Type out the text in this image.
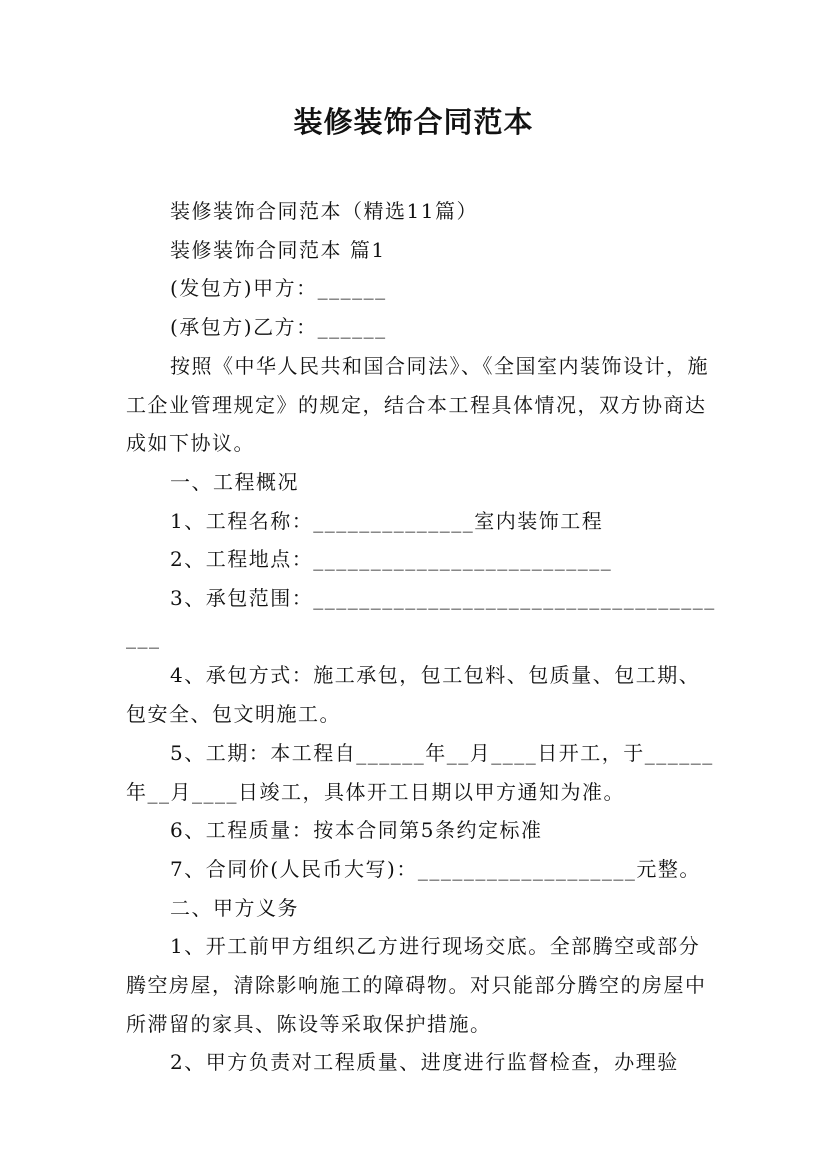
装修装饰合同范本

装修装饰合同范本（精选11篇）

装修装饰合同范本 篇1

(发包方)甲方：______

(承包方)乙方：______

按照《中华人民共和国合同法》、《全国室内装饰设计，施工企业管理规定》的规定，结合本工程具体情况，双方协商达成如下协议。

一、工程概况

1、工程名称：______________室内装饰工程

2、工程地点：__________________________

3、承包范围：______________________________________

4、承包方式：施工承包，包工包料、包质量、包工期、包安全、包文明施工。

5、工期：本工程自______年__月____日开工，于______年__月____日竣工，具体开工日期以甲方通知为准。

6、工程质量：按本合同第5条约定标准

7、合同价(人民币大写)：___________________元整。

二、甲方义务

1、开工前甲方组织乙方进行现场交底。全部腾空或部分腾空房屋，清除影响施工的障碍物。对只能部分腾空的房屋中所滞留的家具、陈设等采取保护措施。

2、甲方负责对工程质量、进度进行监督检查，办理验
